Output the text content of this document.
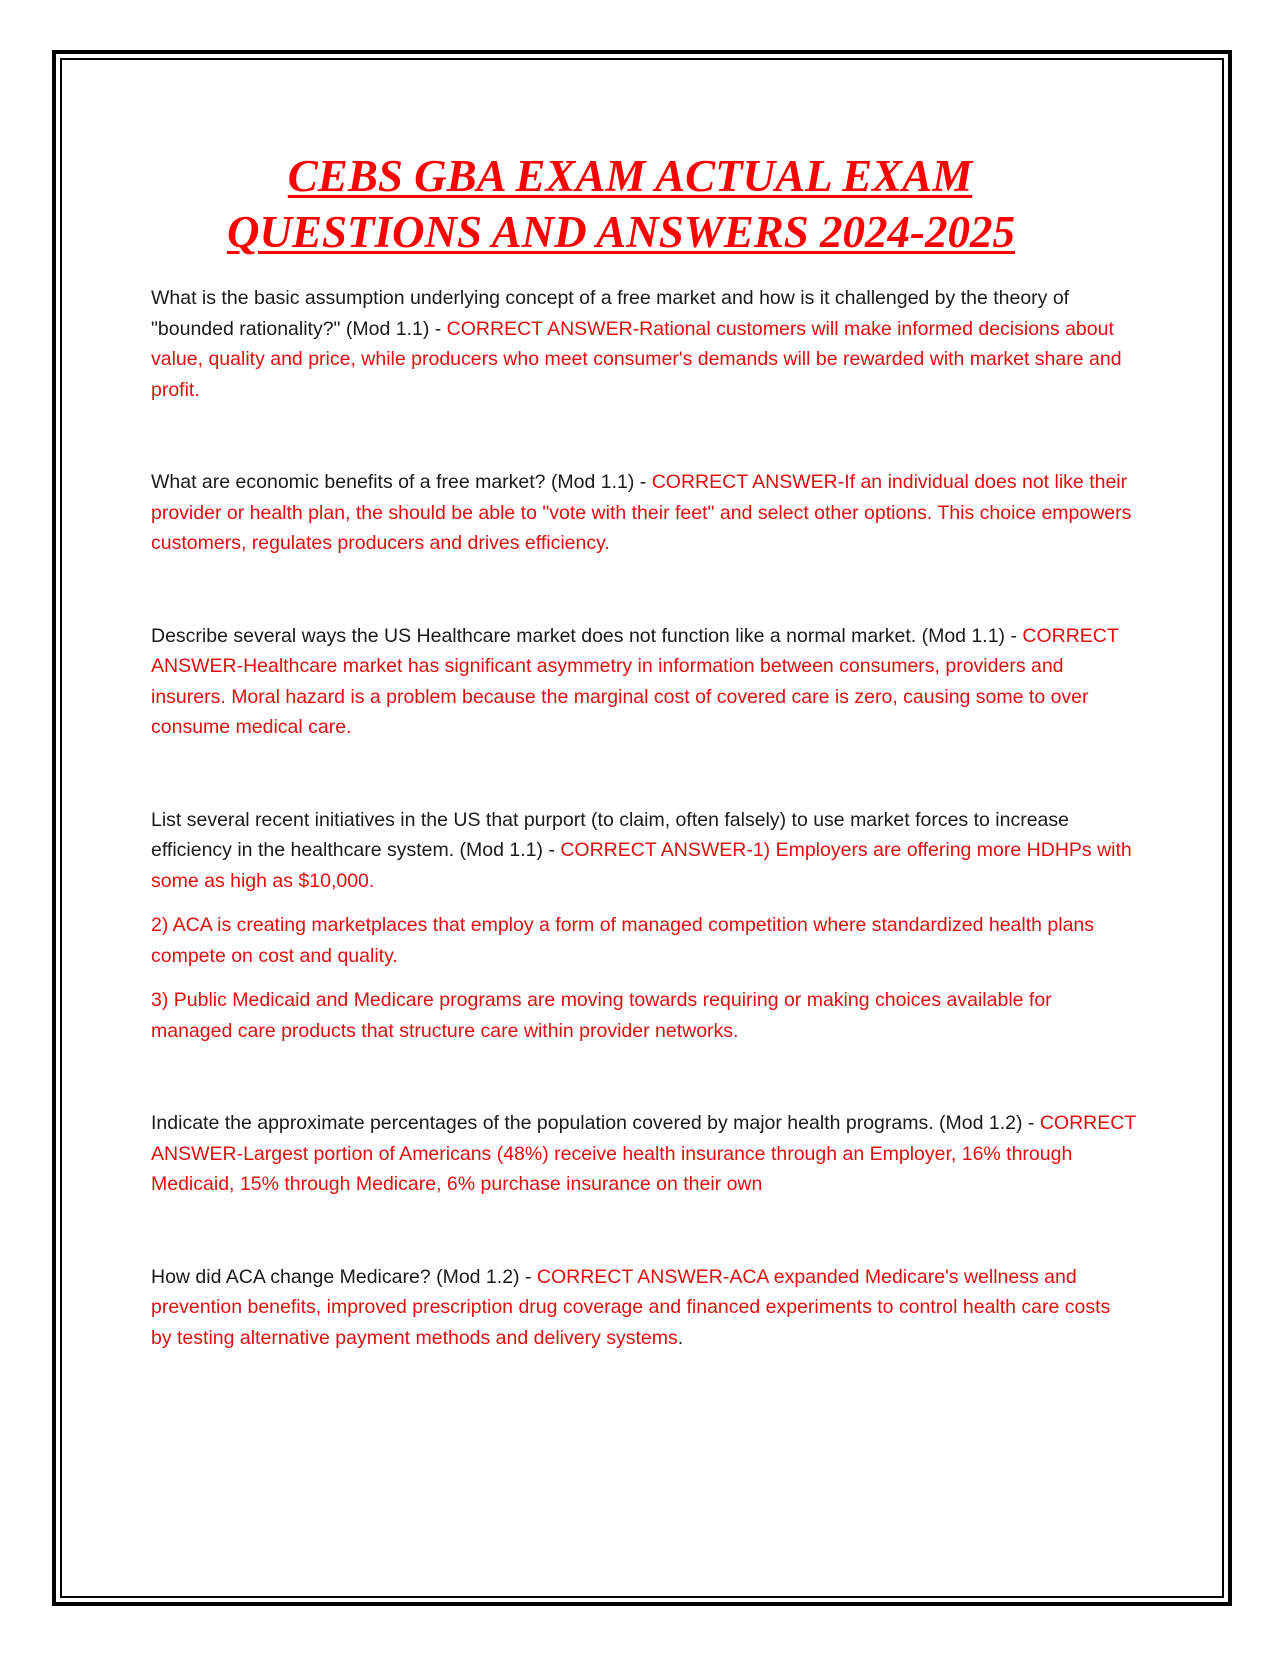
CEBS GBA EXAM ACTUAL EXAM
QUESTIONS AND ANSWERS 2024-2025

What is the basic assumption underlying concept of a free market and how is it challenged by the theory of "bounded rationality?" (Mod 1.1) - CORRECT ANSWER-Rational customers will make informed decisions about value, quality and price, while producers who meet consumer's demands will be rewarded with market share and profit.

What are economic benefits of a free market? (Mod 1.1) - CORRECT ANSWER-If an individual does not like their provider or health plan, the should be able to "vote with their feet" and select other options. This choice empowers customers, regulates producers and drives efficiency.

Describe several ways the US Healthcare market does not function like a normal market. (Mod 1.1) - CORRECT ANSWER-Healthcare market has significant asymmetry in information between consumers, providers and insurers. Moral hazard is a problem because the marginal cost of covered care is zero, causing some to over consume medical care.

List several recent initiatives in the US that purport (to claim, often falsely) to use market forces to increase efficiency in the healthcare system. (Mod 1.1) - CORRECT ANSWER-1) Employers are offering more HDHPs with some as high as $10,000.

2) ACA is creating marketplaces that employ a form of managed competition where standardized health plans compete on cost and quality.

3) Public Medicaid and Medicare programs are moving towards requiring or making choices available for managed care products that structure care within provider networks.

Indicate the approximate percentages of the population covered by major health programs. (Mod 1.2) - CORRECT ANSWER-Largest portion of Americans (48%) receive health insurance through an Employer, 16% through Medicaid, 15% through Medicare, 6% purchase insurance on their own

How did ACA change Medicare? (Mod 1.2) - CORRECT ANSWER-ACA expanded Medicare's wellness and prevention benefits, improved prescription drug coverage and financed experiments to control health care costs by testing alternative payment methods and delivery systems.
